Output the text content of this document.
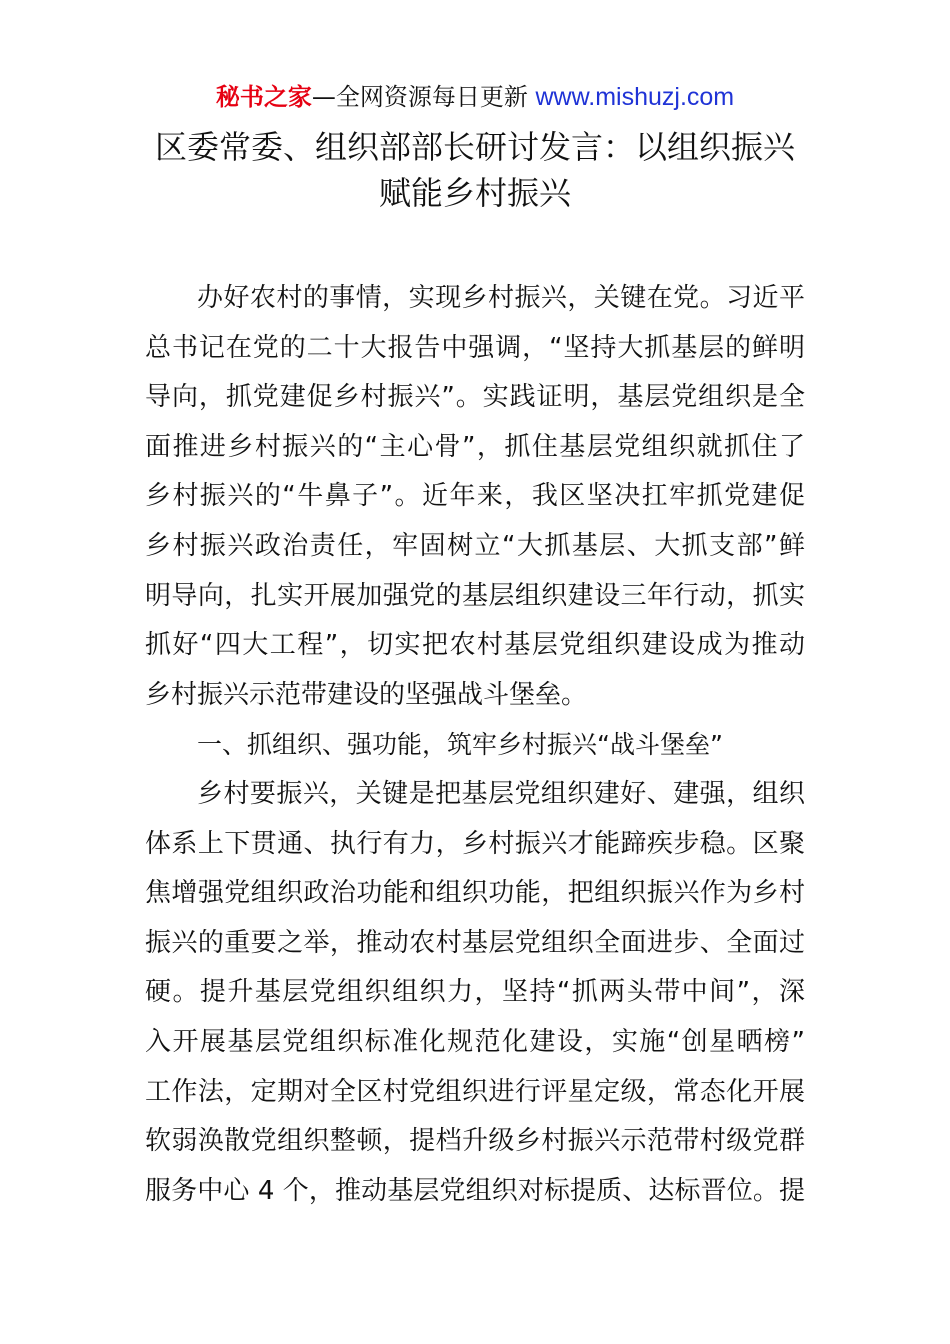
秘书之家—全网资源每日更新 www.mishuzj.com
区委常委、组织部部长研讨发言：以组织振兴
赋能乡村振兴
办好农村的事情，实现乡村振兴，关键在党。习近平
总书记在党的二十大报告中强调，“坚持大抓基层的鲜明
导向，抓党建促乡村振兴”。实践证明，基层党组织是全
面推进乡村振兴的“主心骨”，抓住基层党组织就抓住了
乡村振兴的“牛鼻子”。近年来，我区坚决扛牢抓党建促
乡村振兴政治责任，牢固树立“大抓基层、大抓支部”鲜
明导向，扎实开展加强党的基层组织建设三年行动，抓实
抓好“四大工程”，切实把农村基层党组织建设成为推动
乡村振兴示范带建设的坚强战斗堡垒。
一、抓组织、强功能，筑牢乡村振兴“战斗堡垒”
乡村要振兴，关键是把基层党组织建好、建强，组织
体系上下贯通、执行有力，乡村振兴才能蹄疾步稳。区聚
焦增强党组织政治功能和组织功能，把组织振兴作为乡村
振兴的重要之举，推动农村基层党组织全面进步、全面过
硬。提升基层党组织组织力，坚持“抓两头带中间”，深
入开展基层党组织标准化规范化建设，实施“创星晒榜”
工作法，定期对全区村党组织进行评星定级，常态化开展
软弱涣散党组织整顿，提档升级乡村振兴示范带村级党群
服务中心 4 个，推动基层党组织对标提质、达标晋位。提
